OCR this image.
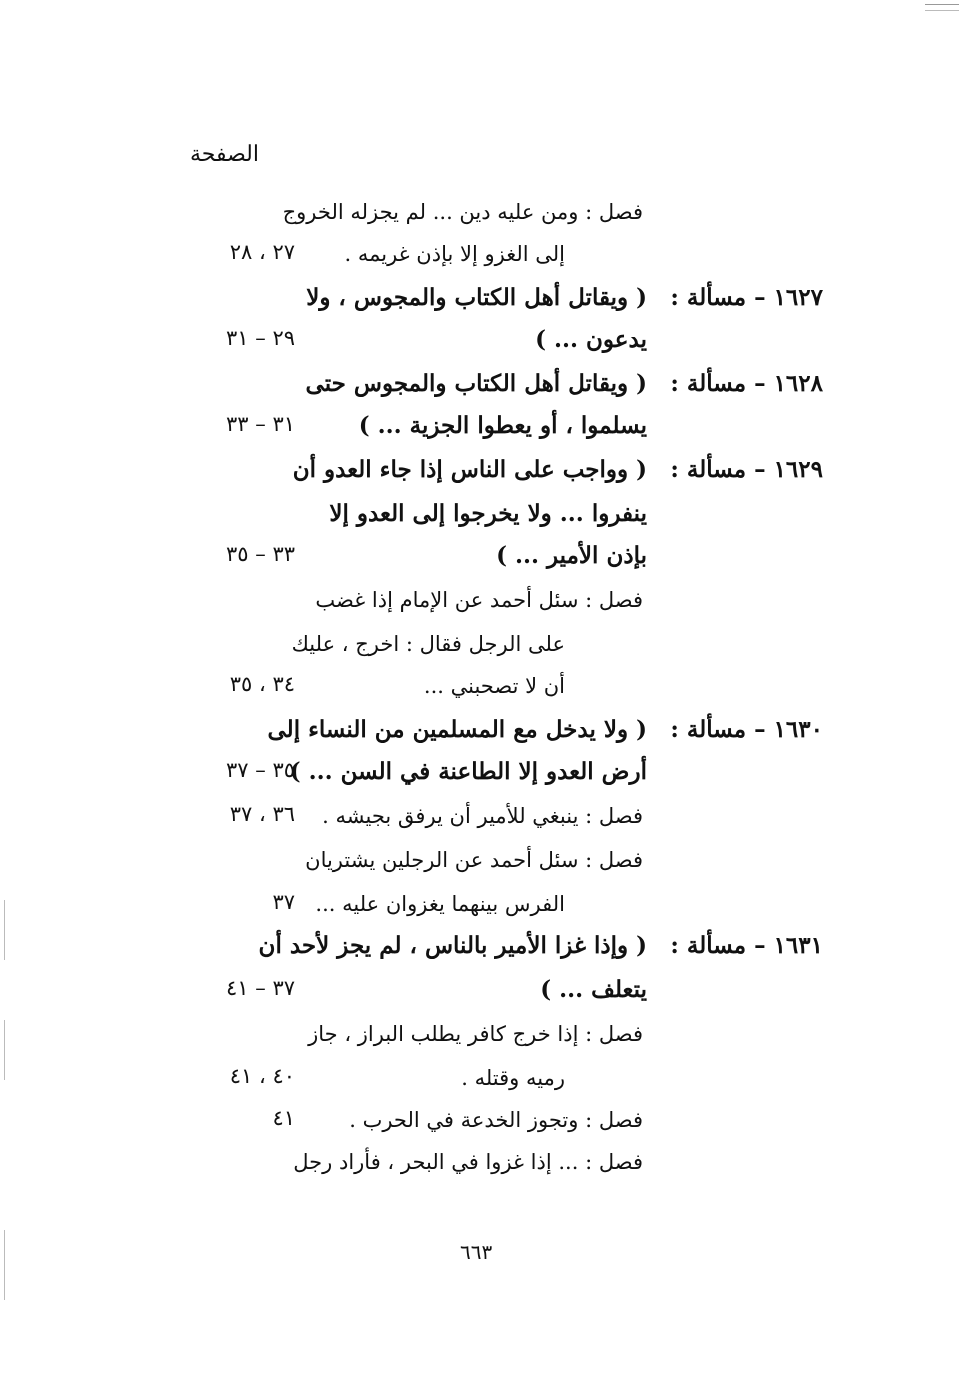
الصفحة
فصل : ومن عليه دين ... لم يجزله الخروج
إلى الغزو إلا بإذن غريمه .
٢٧ ، ٢٨
١٦٢٧ – مسألة :
( ويقاتل أهل الكتاب والمجوس ، ولا
يدعون ... )
٢٩ – ٣١
١٦٢٨ – مسألة :
( ويقاتل أهل الكتاب والمجوس حتى
يسلموا ، أو يعطوا الجزية ... )
٣١ – ٣٣
١٦٢٩ – مسألة :
( وواجب على الناس إذا جاء العدو أن
ينفروا ... ولا يخرجوا إلى العدو إلا
بإذن الأمير ... )
٣٣ – ٣٥
فصل : سئل أحمد عن الإمام إذا غضب
على الرجل فقال : اخرج ، عليك
أن لا تصحبني ...
٣٤ ، ٣٥
١٦٣٠ – مسألة :
( ولا يدخل مع المسلمين من النساء إلى
أرض العدو إلا الطاعنة في السن ... )
٣٥ – ٣٧
فصل : ينبغي للأمير أن يرفق بجيشه .
٣٦ ، ٣٧
فصل : سئل أحمد عن الرجلين يشتريان
الفرس بينهما يغزوان عليه ...
٣٧
١٦٣١ – مسألة :
( وإذا غزا الأمير بالناس ، لم يجز لأحد أن
يتعلف ... )
٣٧ – ٤١
فصل : إذا خرج كافر يطلب البراز ، جاز
رميه وقتله .
٤٠ ، ٤١
فصل : وتجوز الخدعة في الحرب .
٤١
فصل : ... إذا غزوا في البحر ، فأراد رجل
٦٦٣
